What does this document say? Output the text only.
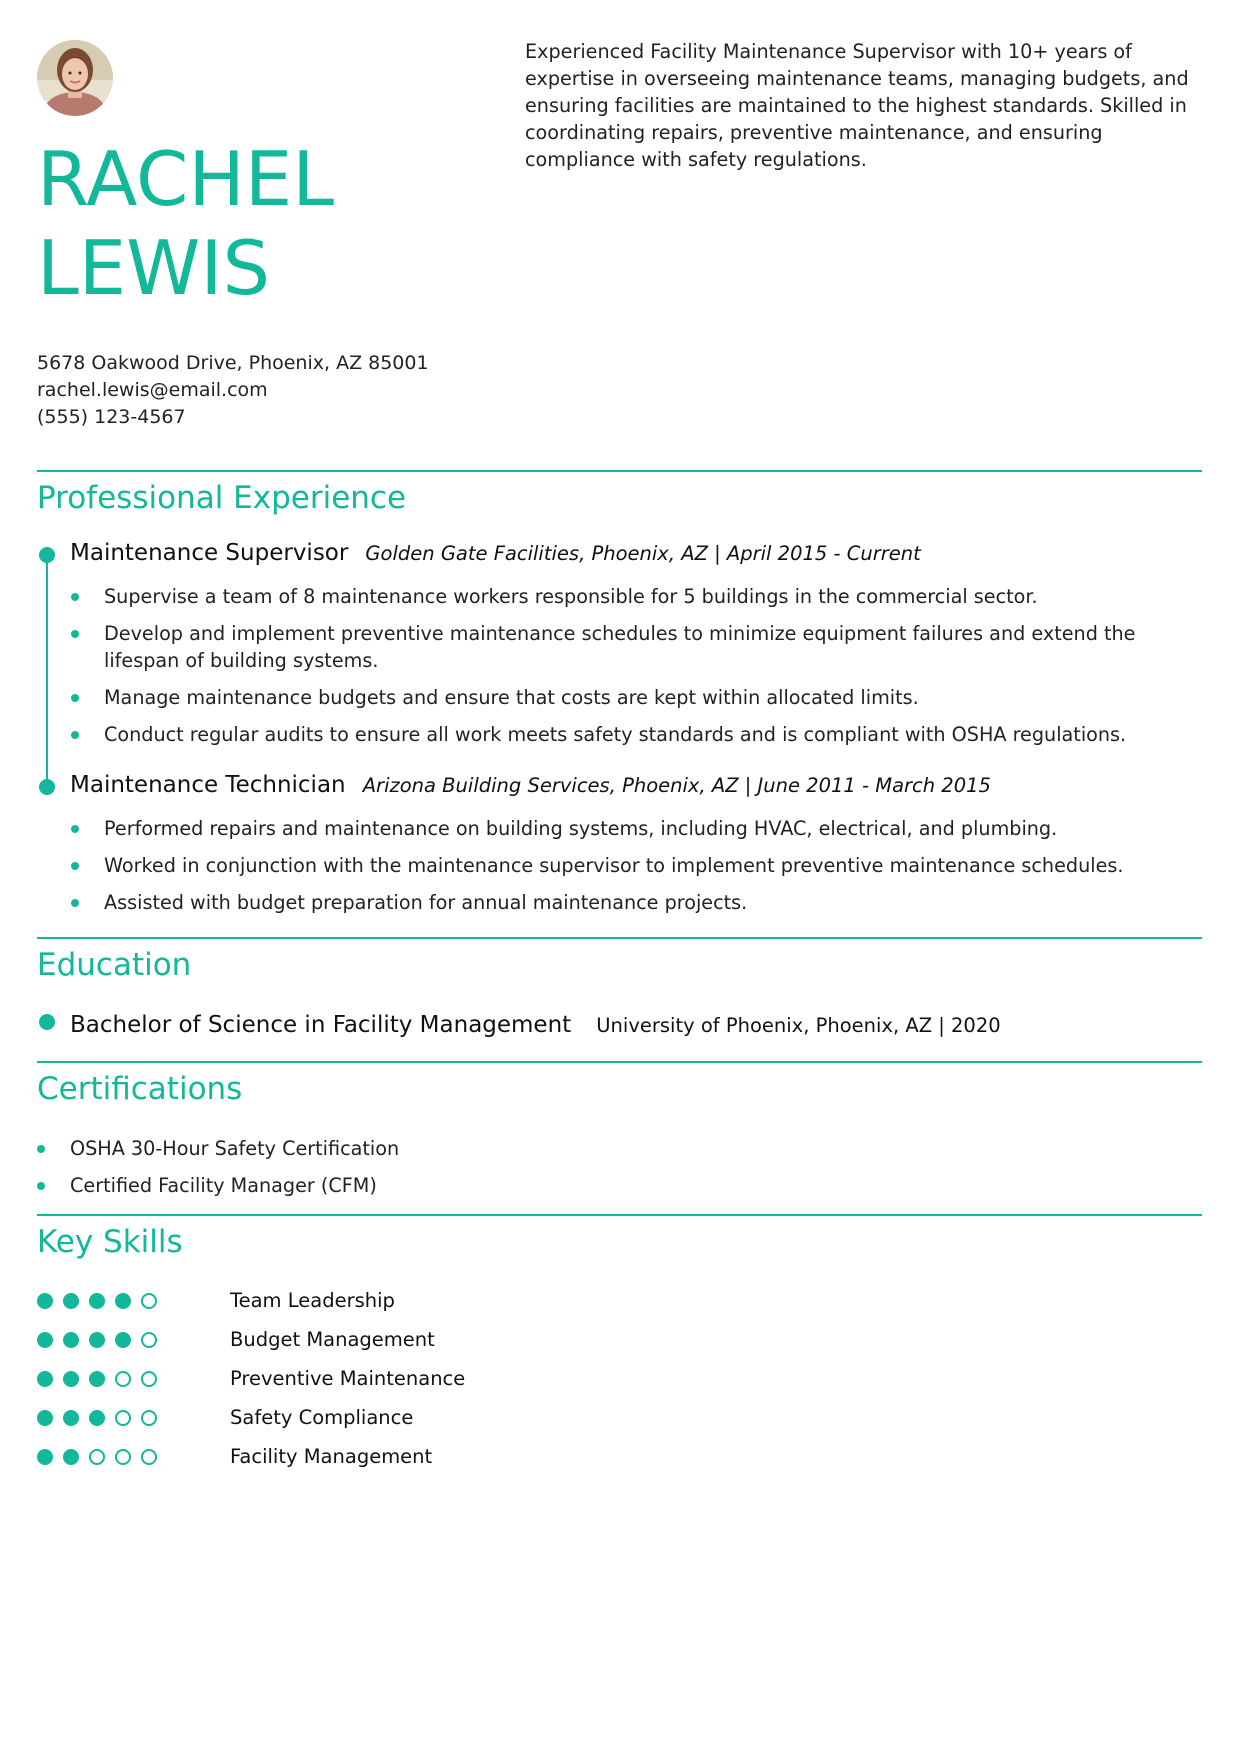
RACHEL
LEWIS
Experienced Facility Maintenance Supervisor with 10+ years of expertise in overseeing maintenance teams, managing budgets, and ensuring facilities are maintained to the highest standards. Skilled in coordinating repairs, preventive maintenance, and ensuring compliance with safety regulations.
5678 Oakwood Drive, Phoenix, AZ 85001
rachel.lewis@email.com
(555) 123-4567
Professional Experience
Maintenance Supervisor Golden Gate Facilities, Phoenix, AZ | April 2015 - Current
Supervise a team of 8 maintenance workers responsible for 5 buildings in the commercial sector.
Develop and implement preventive maintenance schedules to minimize equipment failures and extend the lifespan of building systems.
Manage maintenance budgets and ensure that costs are kept within allocated limits.
Conduct regular audits to ensure all work meets safety standards and is compliant with OSHA regulations.
Maintenance Technician Arizona Building Services, Phoenix, AZ | June 2011 - March 2015
Performed repairs and maintenance on building systems, including HVAC, electrical, and plumbing.
Worked in conjunction with the maintenance supervisor to implement preventive maintenance schedules.
Assisted with budget preparation for annual maintenance projects.
Education
Bachelor of Science in Facility Management University of Phoenix, Phoenix, AZ | 2020
Certifications
OSHA 30-Hour Safety Certification
Certified Facility Manager (CFM)
Key Skills
Team Leadership
Budget Management
Preventive Maintenance
Safety Compliance
Facility Management
